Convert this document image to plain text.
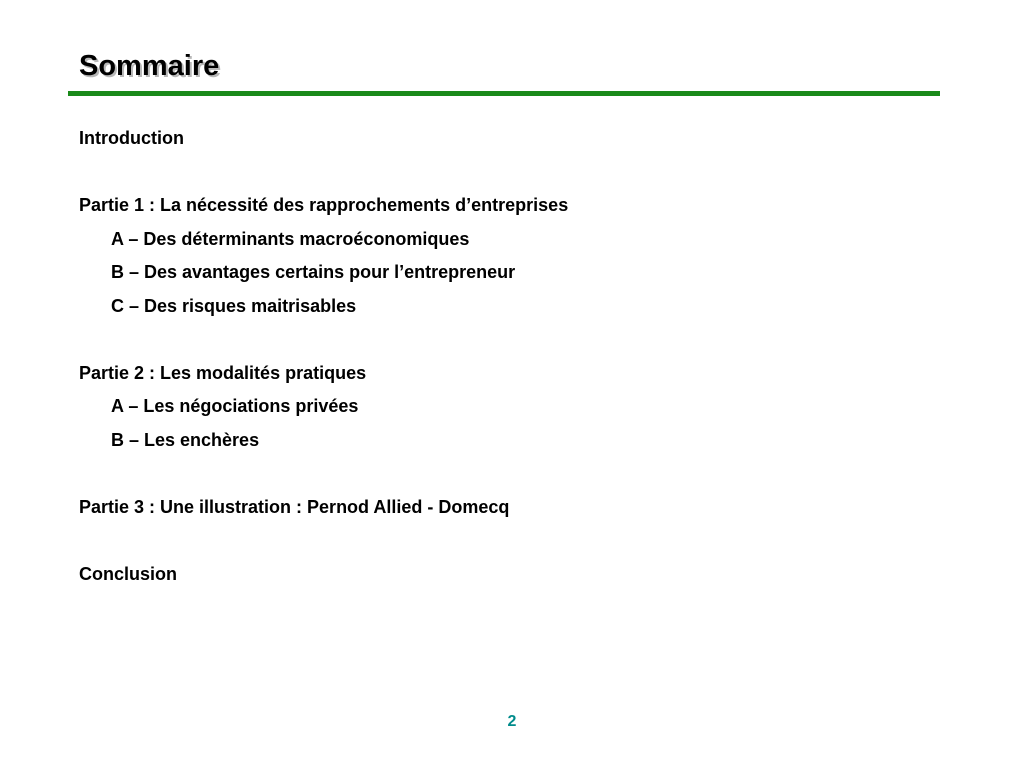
Sommaire
Introduction
Partie 1 : La nécessité des rapprochements d’entreprises
A – Des déterminants macroéconomiques
B – Des avantages certains pour l’entrepreneur
C – Des risques maitrisables
Partie 2 : Les modalités pratiques
A – Les négociations privées
B – Les enchères
Partie 3 : Une illustration : Pernod Allied - Domecq
Conclusion
2
